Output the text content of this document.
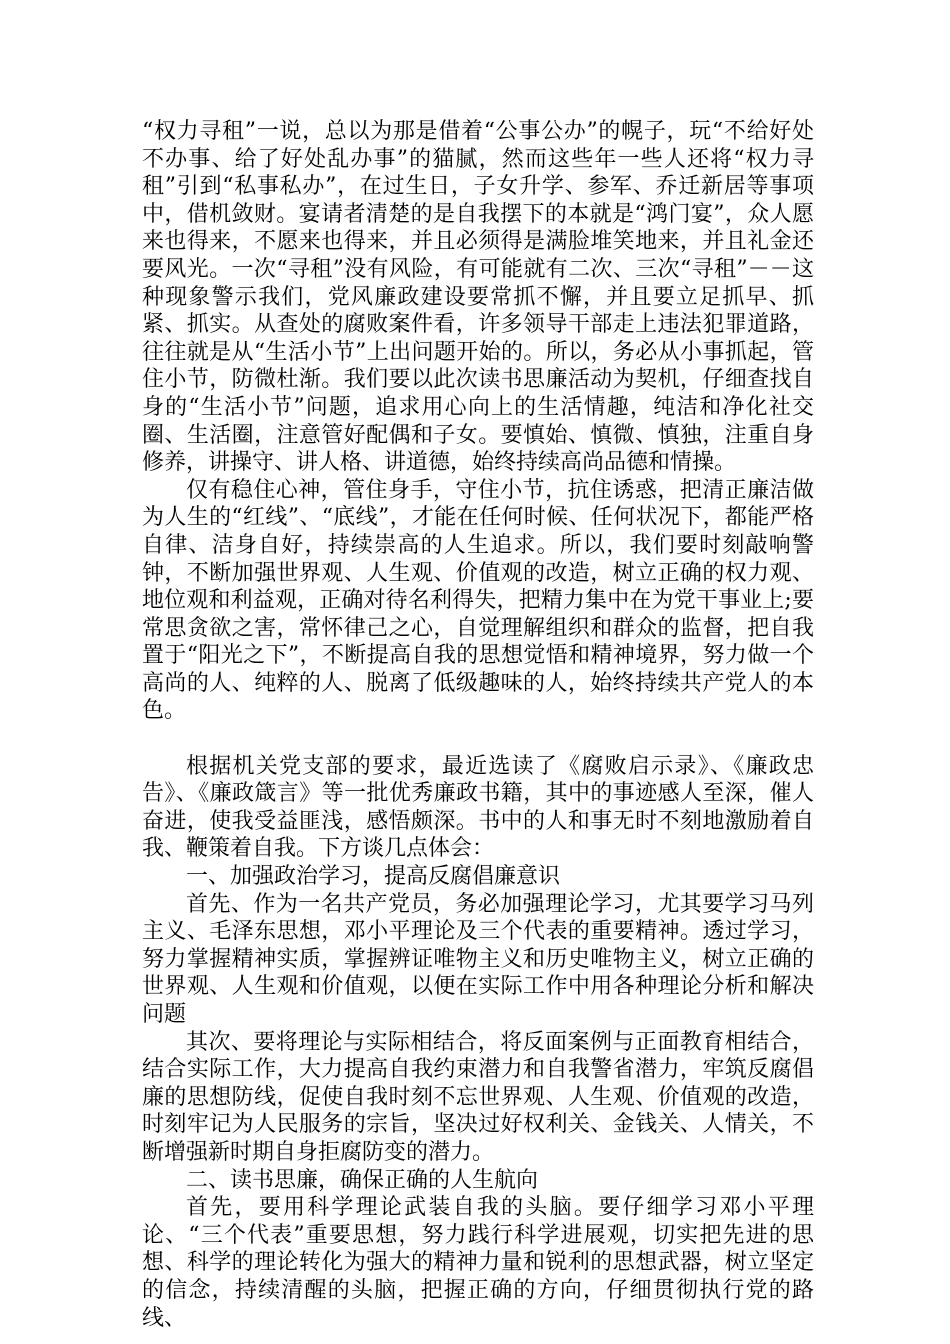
“权力寻租”一说，总以为那是借着“公事公办”的幌子，玩“不给好处不办事、给了好处乱办事”的猫腻，然而这些年一些人还将“权力寻租”引到“私事私办”，在过生日，子女升学、参军、乔迁新居等事项中，借机敛财。宴请者清楚的是自我摆下的本就是“鸿门宴”，众人愿来也得来，不愿来也得来，并且必须得是满脸堆笑地来，并且礼金还要风光。一次“寻租”没有风险，有可能就有二次、三次“寻租”－－这种现象警示我们，党风廉政建设要常抓不懈，并且要立足抓早、抓紧、抓实。从查处的腐败案件看，许多领导干部走上违法犯罪道路，往往就是从“生活小节”上出问题开始的。所以，务必从小事抓起，管住小节，防微杜渐。我们要以此次读书思廉活动为契机，仔细查找自身的“生活小节”问题，追求用心向上的生活情趣，纯洁和净化社交圈、生活圈，注意管好配偶和子女。要慎始、慎微、慎独，注重自身修养，讲操守、讲人格、讲道德，始终持续高尚品德和情操。

仅有稳住心神，管住身手，守住小节，抗住诱惑，把清正廉洁做为人生的“红线”、“底线”，才能在任何时候、任何状况下，都能严格自律、洁身自好，持续崇高的人生追求。所以，我们要时刻敲响警钟，不断加强世界观、人生观、价值观的改造，树立正确的权力观、地位观和利益观，正确对待名利得失，把精力集中在为党干事业上;要常思贪欲之害，常怀律己之心，自觉理解组织和群众的监督，把自我置于“阳光之下”，不断提高自我的思想觉悟和精神境界，努力做一个高尚的人、纯粹的人、脱离了低级趣味的人，始终持续共产党人的本色。

根据机关党支部的要求，最近选读了《腐败启示录》、《廉政忠告》、《廉政箴言》等一批优秀廉政书籍，其中的事迹感人至深，催人奋进，使我受益匪浅，感悟颇深。书中的人和事无时不刻地激励着自我、鞭策着自我。下方谈几点体会：

一、加强政治学习，提高反腐倡廉意识

首先、作为一名共产党员，务必加强理论学习，尤其要学习马列主义、毛泽东思想，邓小平理论及三个代表的重要精神。透过学习，努力掌握精神实质，掌握辨证唯物主义和历史唯物主义，树立正确的世界观、人生观和价值观，以便在实际工作中用各种理论分析和解决问题

其次、要将理论与实际相结合，将反面案例与正面教育相结合，结合实际工作，大力提高自我约束潜力和自我警省潜力，牢筑反腐倡廉的思想防线，促使自我时刻不忘世界观、人生观、价值观的改造，时刻牢记为人民服务的宗旨，坚决过好权利关、金钱关、人情关，不断增强新时期自身拒腐防变的潜力。

二、读书思廉，确保正确的人生航向

首先，要用科学理论武装自我的头脑。要仔细学习邓小平理论、“三个代表”重要思想，努力践行科学进展观，切实把先进的思想、科学的理论转化为强大的精神力量和锐利的思想武器，树立坚定的信念，持续清醒的头脑，把握正确的方向，仔细贯彻执行党的路线、
